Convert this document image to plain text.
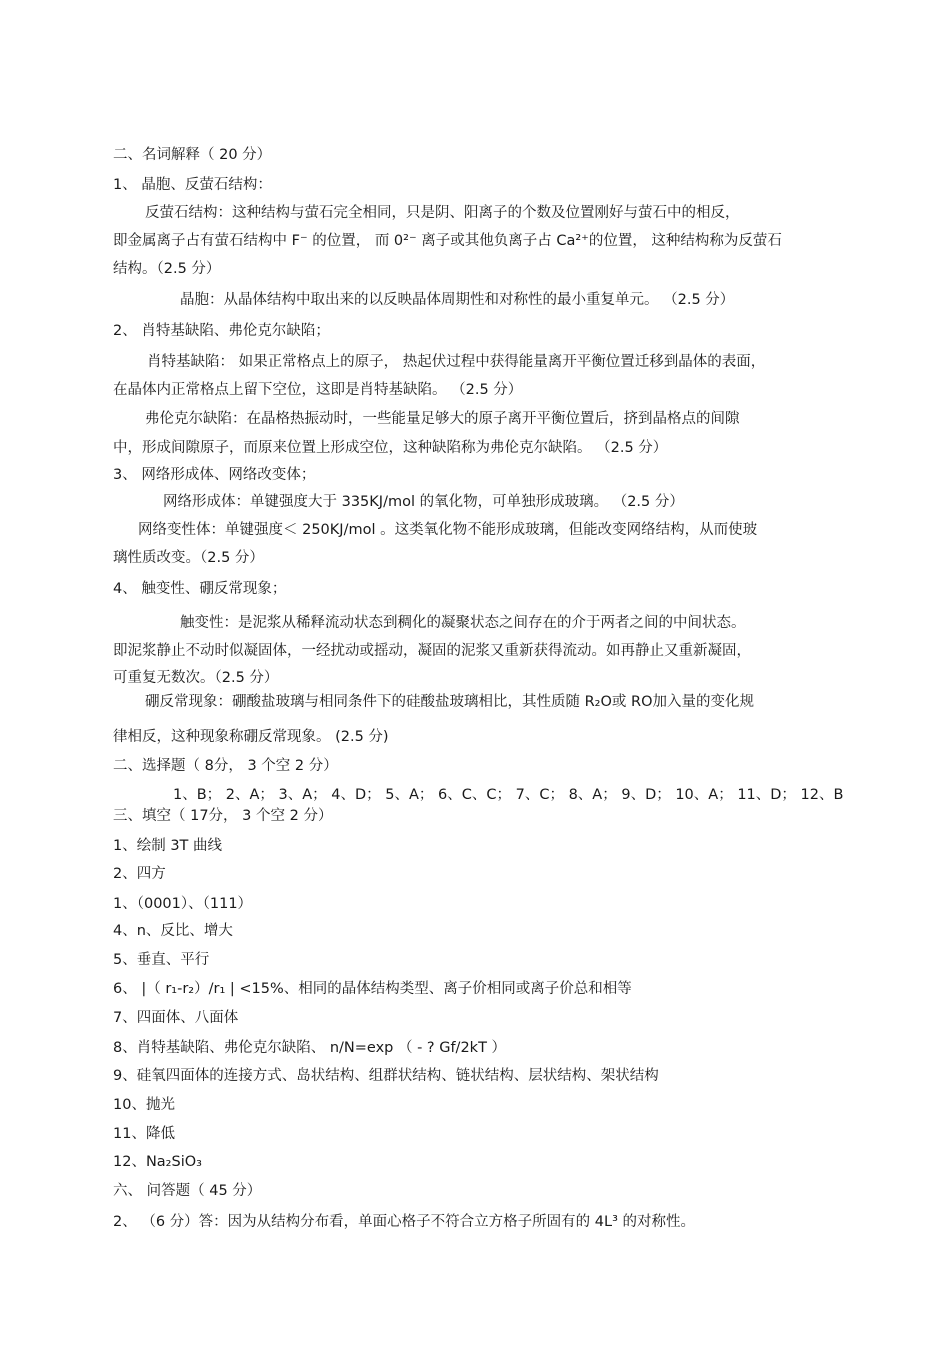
二、名词解释（ 20 分）
1、 晶胞、反萤石结构：
反萤石结构：这种结构与萤石完全相同，只是阴、阳离子的个数及位置刚好与萤石中的相反，
即金属离子占有萤石结构中 F⁻ 的位置， 而 0²⁻ 离子或其他负离子占 Ca²⁺的位置， 这种结构称为反萤石
结构。（2.5 分）
晶胞：从晶体结构中取出来的以反映晶体周期性和对称性的最小重复单元。 （2.5 分）
2、 肖特基缺陷、弗伦克尔缺陷；
肖特基缺陷： 如果正常格点上的原子， 热起伏过程中获得能量离开平衡位置迁移到晶体的表面，
在晶体内正常格点上留下空位，这即是肖特基缺陷。 （2.5 分）
弗伦克尔缺陷：在晶格热振动时，一些能量足够大的原子离开平衡位置后，挤到晶格点的间隙
中，形成间隙原子，而原来位置上形成空位，这种缺陷称为弗伦克尔缺陷。 （2.5 分）
3、 网络形成体、网络改变体；
网络形成体：单键强度大于 335KJ/mol 的氧化物，可单独形成玻璃。 （2.5 分）
网络变性体：单键强度＜ 250KJ/mol 。这类氧化物不能形成玻璃，但能改变网络结构，从而使玻
璃性质改变。（2.5 分）
4、 触变性、硼反常现象；
触变性：是泥浆从稀释流动状态到稠化的凝聚状态之间存在的介于两者之间的中间状态。
即泥浆静止不动时似凝固体，一经扰动或摇动，凝固的泥浆又重新获得流动。如再静止又重新凝固，
可重复无数次。（2.5 分）
硼反常现象：硼酸盐玻璃与相同条件下的硅酸盐玻璃相比，其性质随 R₂O或 RO加入量的变化规
律相反，这种现象称硼反常现象。 (2.5 分)
二、选择题（ 8分， 3 个空 2 分）
1、B； 2、A； 3、A； 4、D； 5、A； 6、C、C； 7、C； 8、A； 9、D； 10、A； 11、D； 12、B
三、填空（ 17分， 3 个空 2 分）
1、绘制 3T 曲线
2、四方
1、（0001）、（111）
4、n、反比、增大
5、垂直、平行
6、 |（ r₁-r₂）/r₁ | <15%、相同的晶体结构类型、离子价相同或离子价总和相等
7、四面体、八面体
8、肖特基缺陷、弗伦克尔缺陷、 n/N=exp （ - ? Gf/2kT ）
9、硅氧四面体的连接方式、岛状结构、组群状结构、链状结构、层状结构、架状结构
10、抛光
11、降低
12、Na₂SiO₃
六、 问答题（ 45 分）
2、 （6 分）答：因为从结构分布看，单面心格子不符合立方格子所固有的 4L³ 的对称性。
